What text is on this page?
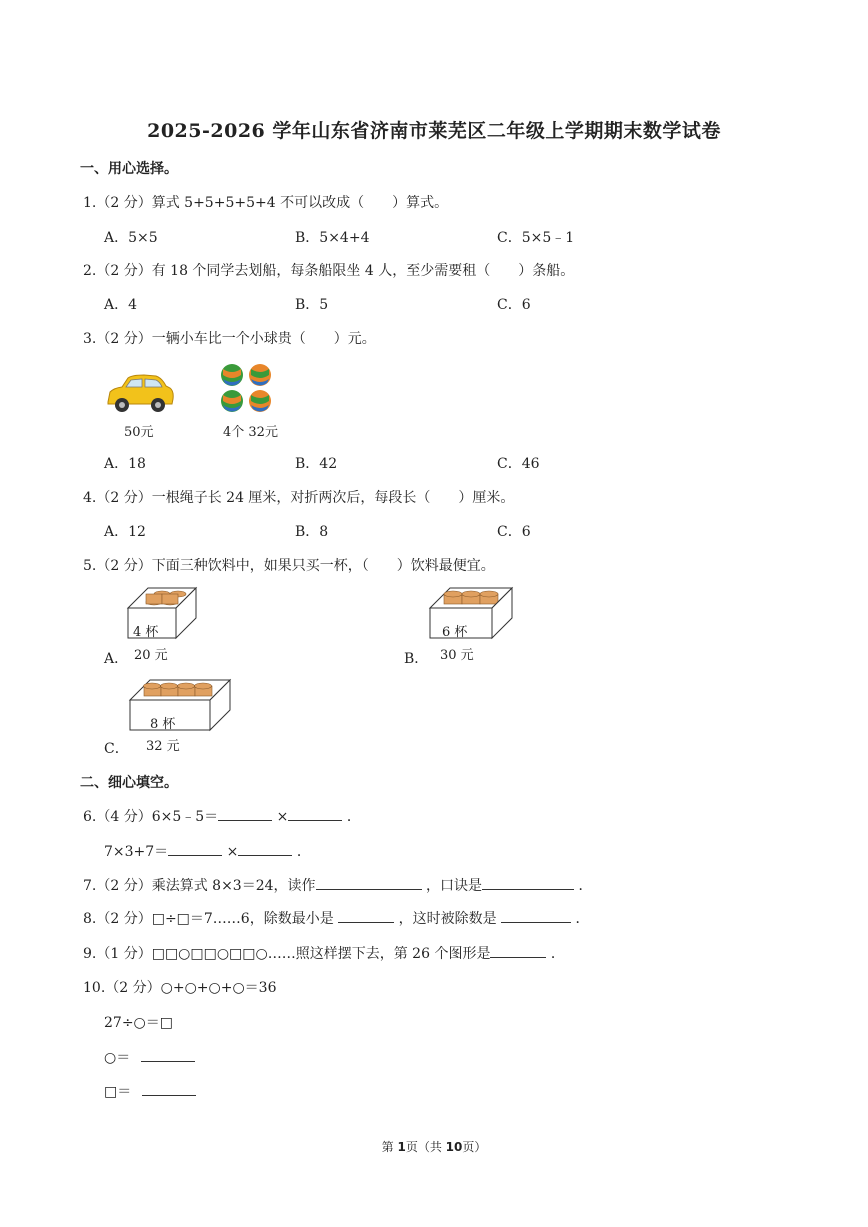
2025-2026 学年山东省济南市莱芜区二年级上学期期末数学试卷
一、用心选择。
1.（2 分）算式 5+5+5+5+4 不可以改成（　　）算式。
A．5×5	B．5×4+4	C．5×5﹣1
2.（2 分）有 18 个同学去划船，每条船限坐 4 人，至少需要租（　　）条船。
A．4	B．5	C．6
3.（2 分）一辆小车比一个小球贵（　　）元。
50元	4个 32元
A．18	B．42	C．46
4.（2 分）一根绳子长 24 厘米，对折两次后，每段长（　　）厘米。
A．12	B．8	C．6
5.（2 分）下面三种饮料中，如果只买一杯，（　　）饮料最便宜。
4 杯
A． 20 元
6 杯
B． 30 元
8 杯
C． 32 元
二、细心填空。
6.（4 分）6×5﹣5＝	×	．
7×3+7＝	×	．
7.（2 分）乘法算式 8×3＝24，读作	，口诀是	．
8.（2 分）□÷□＝7……6，除数最小是	，这时被除数是	．
9.（1 分）□□○□□○□□○……照这样摆下去，第 26 个图形是	．
10.（2 分）○+○+○+○＝36
27÷○＝□
○＝
□＝
第 1页（共 10页）
